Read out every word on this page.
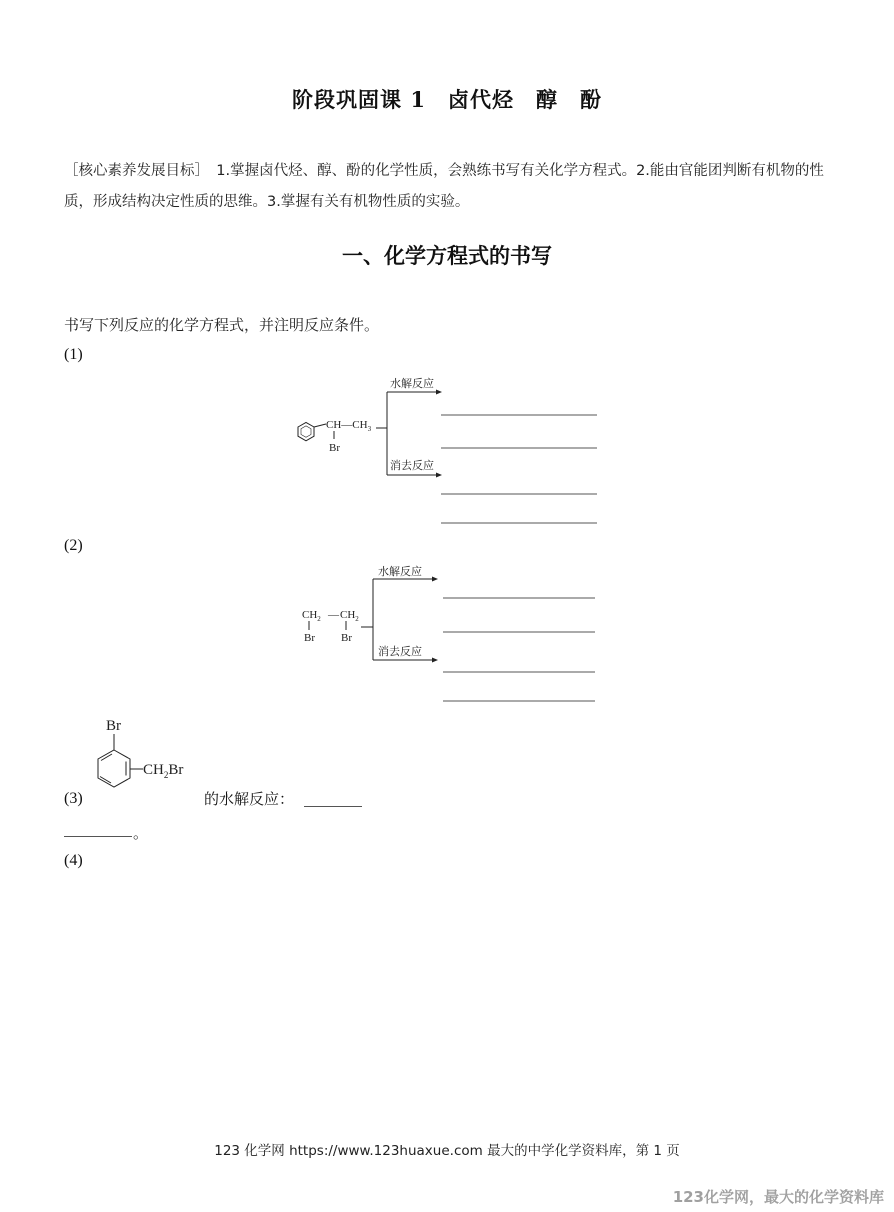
阶段巩固课 1　卤代烃　醇　酚
［核心素养发展目标］　1.掌握卤代烃、醇、酚的化学性质，会熟练书写有关化学方程式。2.能由官能团判断有机物的性质，形成结构决定性质的思维。3.掌握有关有机物性质的实验。
一、化学方程式的书写
书写下列反应的化学方程式，并注明反应条件。
(1)
$CH—CH_3$
Br
水解反应
消去反应
(2)
$CH_2$ — $CH_2$
Br Br
水解反应
消去反应
(3)
Br
$CH_2Br$
的水解反应：
。
(4)
123 化学网 https://www.123huaxue.com 最大的中学化学资料库，第 1 页
123化学网，最大的化学资料库
